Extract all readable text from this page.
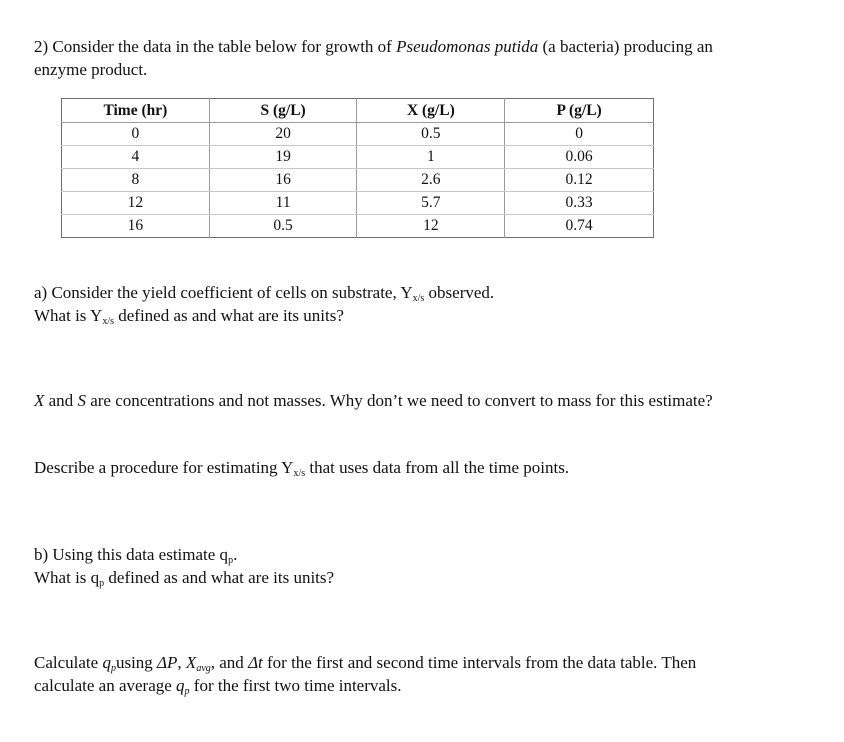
2) Consider the data in the table below for growth of Pseudomonas putida (a bacteria) producing an
enzyme product.

Time (hr)	S (g/L)	X (g/L)	P (g/L)
0	20	0.5	0
4	19	1	0.06
8	16	2.6	0.12
12	11	5.7	0.33
16	0.5	12	0.74

a) Consider the yield coefficient of cells on substrate, $Y_{x/s}$ observed.
What is $Y_{x/s}$ defined as and what are its units?

X and S are concentrations and not masses. Why don’t we need to convert to mass for this estimate?

Describe a procedure for estimating $Y_{x/s}$ that uses data from all the time points.

b) Using this data estimate $q_p$.
What is $q_p$ defined as and what are its units?

Calculate $q_pusing$ ΔP, $X_{avg}$, and Δt for the first and second time intervals from the data table. Then
calculate an average $q_p$ for the first two time intervals.
